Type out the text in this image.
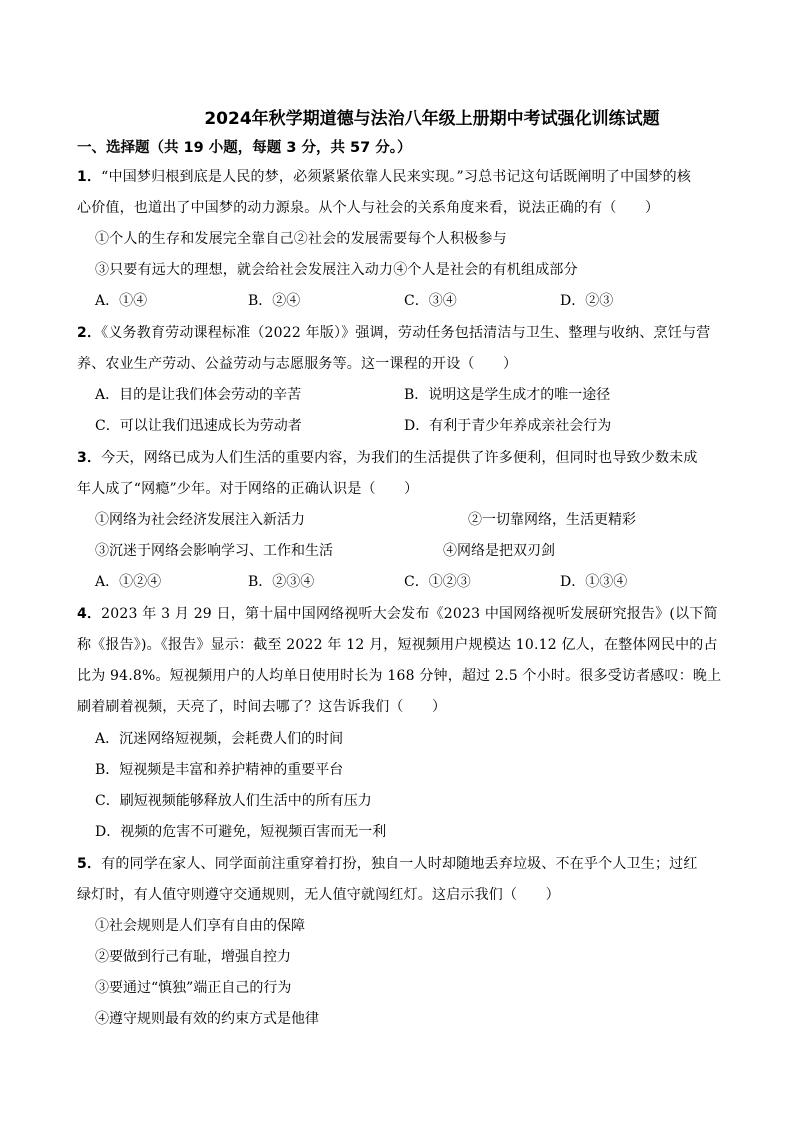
2024年秋学期道德与法治八年级上册期中考试强化训练试题
一、选择题（共 19 小题，每题 3 分，共 57 分。）
1．“中国梦归根到底是人民的梦，必须紧紧依靠人民来实现。”习总书记这句话既阐明了中国梦的核
心价值，也道出了中国梦的动力源泉。从个人与社会的关系角度来看，说法正确的有（　　）
①个人的生存和发展完全靠自己②社会的发展需要每个人积极参与
③只要有远大的理想，就会给社会发展注入动力④个人是社会的有机组成部分
A．①④	B．②④	C．③④	D．②③
2．《义务教育劳动课程标准（2022 年版）》强调，劳动任务包括清洁与卫生、整理与收纳、烹饪与营
养、农业生产劳动、公益劳动与志愿服务等。这一课程的开设（　　）
A．目的是让我们体会劳动的辛苦	B．说明这是学生成才的唯一途径
C．可以让我们迅速成长为劳动者	D．有利于青少年养成亲社会行为
3．今天，网络已成为人们生活的重要内容，为我们的生活提供了许多便利，但同时也导致少数未成
年人成了“网瘾”少年。对于网络的正确认识是（　　）
①网络为社会经济发展注入新活力	②一切靠网络，生活更精彩
③沉迷于网络会影响学习、工作和生活	④网络是把双刃剑
A．①②④	B．②③④	C．①②③	D．①③④
4．2023 年 3 月 29 日，第十届中国网络视听大会发布《2023 中国网络视听发展研究报告》(以下简
称《报告》)。《报告》显示：截至 2022 年 12 月，短视频用户规模达 10.12 亿人，在整体网民中的占
比为 94.8%。短视频用户的人均单日使用时长为 168 分钟，超过 2.5 个小时。很多受访者感叹：晚上
刷着刷着视频，天亮了，时间去哪了？这告诉我们（　　）
A．沉迷网络短视频，会耗费人们的时间
B．短视频是丰富和养护精神的重要平台
C．刷短视频能够释放人们生活中的所有压力
D．视频的危害不可避免，短视频百害而无一利
5．有的同学在家人、同学面前注重穿着打扮，独自一人时却随地丢弃垃圾、不在乎个人卫生；过红
绿灯时，有人值守则遵守交通规则，无人值守就闯红灯。这启示我们（　　）
①社会规则是人们享有自由的保障
②要做到行己有耻，增强自控力
③要通过“慎独”端正自己的行为
④遵守规则最有效的约束方式是他律
